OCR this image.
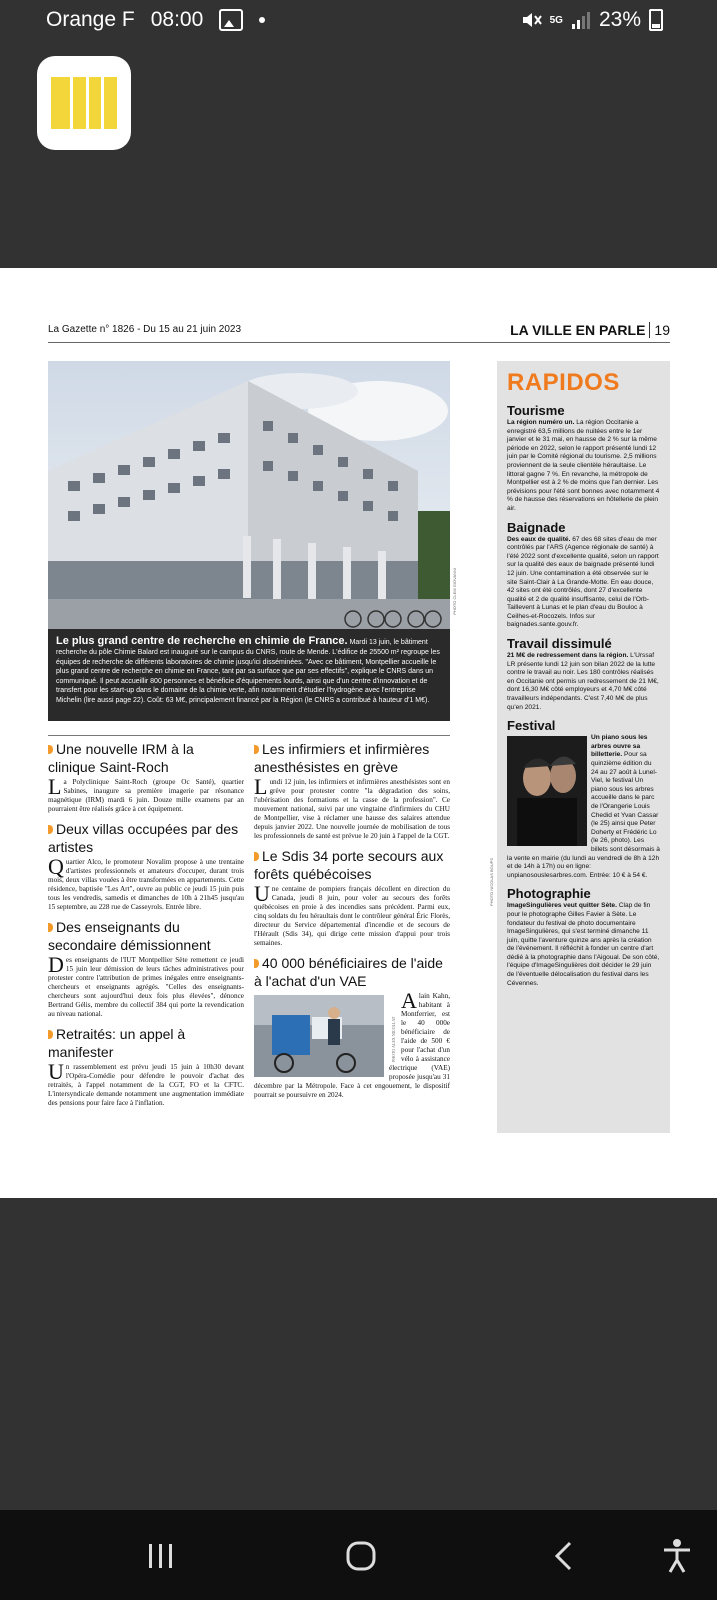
Orange F 08:00	5G 23%
La Gazette n° 1826 - Du 15 au 21 juin 2023	LA VILLE EN PARLE 19
PHOTO CLEM GIOVANNI
Le plus grand centre de recherche en chimie de France. Mardi 13 juin, le bâtiment recherche du pôle Chimie Balard est inauguré sur le campus du CNRS, route de Mende. L'édifice de 25500 m² regroupe les équipes de recherche de différents laboratoires de chimie jusqu'ici disséminées. "Avec ce bâtiment, Montpellier accueille le plus grand centre de recherche en chimie en France, tant par sa surface que par ses effectifs", explique le CNRS dans un communiqué. Il peut accueillir 800 personnes et bénéficie d'équipements lourds, ainsi que d'un centre d'innovation et de transfert pour les start-up dans le domaine de la chimie verte, afin notamment d'étudier l'hydrogène avec l'entreprise Michelin (lire aussi page 22). Coût: 63 M€, principalement financé par la Région (le CNRS a contribué à hauteur d'1 M€).
Une nouvelle IRM à la clinique Saint-Roch

La Polyclinique Saint-Roch (groupe Oc Santé), quartier Sabines, inaugure sa première imagerie par résonance magnétique (IRM) mardi 6 juin. Douze mille examens par an pourraient être réalisés grâce à cet équipement.

Deux villas occupées par des artistes

Quartier Alco, le promoteur Novalim propose à une trentaine d'artistes professionnels et amateurs d'occuper, durant trois mois, deux villas vouées à être transformées en appartements. Cette résidence, baptisée "Les Art", ouvre au public ce jeudi 15 juin puis tous les vendredis, samedis et dimanches de 10h à 21h45 jusqu'au 15 septembre, au 228 rue de Casseyrols. Entrée libre.

Des enseignants du secondaire démissionnent

Des enseignants de l'IUT Montpellier Sète remettent ce jeudi 15 juin leur démission de leurs tâches administratives pour protester contre l'attribution de primes inégales entre enseignants-chercheurs et enseignants agrégés. "Celles des enseignants-chercheurs sont aujourd'hui deux fois plus élevées", dénonce Bertrand Gélis, membre du collectif 384 qui porte la revendication au niveau national.

Retraités: un appel à manifester

Un rassemblement est prévu jeudi 15 juin à 10h30 devant l'Opéra-Comédie pour défendre le pouvoir d'achat des retraités, à l'appel notamment de la CGT, FO et la CFTC. L'intersyndicale demande notamment une augmentation immédiate des pensions pour faire face à l'inflation.

Les infirmiers et infirmières anesthésistes en grève

Lundi 12 juin, les infirmiers et infirmières anesthésistes sont en grève pour protester contre "la dégradation des soins, l'ubérisation des formations et la casse de la profession". Ce mouvement national, suivi par une vingtaine d'infirmiers du CHU de Montpellier, vise à réclamer une hausse des salaires attendue depuis janvier 2022. Une nouvelle journée de mobilisation de tous les professionnels de santé est prévue le 20 juin à l'appel de la CGT.

Le Sdis 34 porte secours aux forêts québécoises

Une centaine de pompiers français décollent en direction du Canada, jeudi 8 juin, pour voler au secours des forêts québécoises en proie à des incendies sans précédent. Parmi eux, cinq soldats du feu héraultais dont le contrôleur général Éric Florès, directeur du Service départemental d'incendie et de secours de l'Hérault (Sdis 34), qui dirige cette mission d'appui pour trois semaines.

40 000 bénéficiaires de l'aide à l'achat d'un VAE

PHOTO ALEX NICOLLAT
A lain Kahn, habitant à Montferrier, est le 40 000e bénéficiaire de l'aide de 500 € pour l'achat d'un vélo à assistance électrique (VAE) proposée jusqu'au 31 décembre par la Métropole. Face à cet engouement, le dispositif pourrait se poursuivre en 2024.

RAPIDOS
Tourisme

La région numéro un. La région Occitanie a enregistré 63,5 millions de nuitées entre le 1er janvier et le 31 mai, en hausse de 2 % sur la même période en 2022, selon le rapport présenté lundi 12 juin par le Comité régional du tourisme. 2,5 millions proviennent de la seule clientèle héraultaise. Le littoral gagne 7 %. En revanche, la métropole de Montpellier est à 2 % de moins que l'an dernier. Les prévisions pour l'été sont bonnes avec notamment 4 % de hausse des réservations en hôtellerie de plein air.

Baignade

Des eaux de qualité. 67 des 68 sites d'eau de mer contrôlés par l'ARS (Agence régionale de santé) à l'été 2022 sont d'excellente qualité, selon un rapport sur la qualité des eaux de baignade présenté lundi 12 juin. Une contamination a été observée sur le site Saint-Clair à La Grande-Motte. En eau douce, 42 sites ont été contrôlés, dont 27 d'excellente qualité et 2 de qualité insuffisante, celui de l'Orb-Taillevent à Lunas et le plan d'eau du Bouloc à Ceilhes-et-Rocozels. Infos sur baignades.sante.gouv.fr.

Travail dissimulé

21 M€ de redressement dans la région. L'Urssaf LR présente lundi 12 juin son bilan 2022 de la lutte contre le travail au noir. Les 180 contrôles réalisés en Occitanie ont permis un redressement de 21 M€, dont 16,30 M€ côté employeurs et 4,70 M€ côté travailleurs indépendants. C'est 7,40 M€ de plus qu'en 2021.

Festival

Un piano sous les arbres ouvre sa billetterie. Pour sa quinzième édition du 24 au 27 août à Lunel-Viel, le festival Un piano sous les arbres accueille dans le parc de l'Orangerie Louis Chedid et Yvan Cassar (le 25) ainsi que Peter Doherty et Frédéric Lo (le 26, photo). Les billets sont désormais à la vente en mairie (du lundi au vendredi de 8h à 12h et de 14h à 17h) ou en ligne: unpianosouslesarbres.com. Entrée: 10 € à 54 €.

Photographie

ImageSingulières veut quitter Sète. Clap de fin pour le photographe Gilles Favier à Sète. Le fondateur du festival de photo documentaire ImageSingulières, qui s'est terminé dimanche 11 juin, quitte l'aventure quinze ans après la création de l'événement. Il réfléchit à fonder un centre d'art dédié à la photographie dans l'Aigoual. De son côté, l'équipe d'ImageSingulières doit décider le 29 juin de l'éventuelle délocalisation du festival dans les Cévennes.

PHOTO NICOLAS BOUPS
